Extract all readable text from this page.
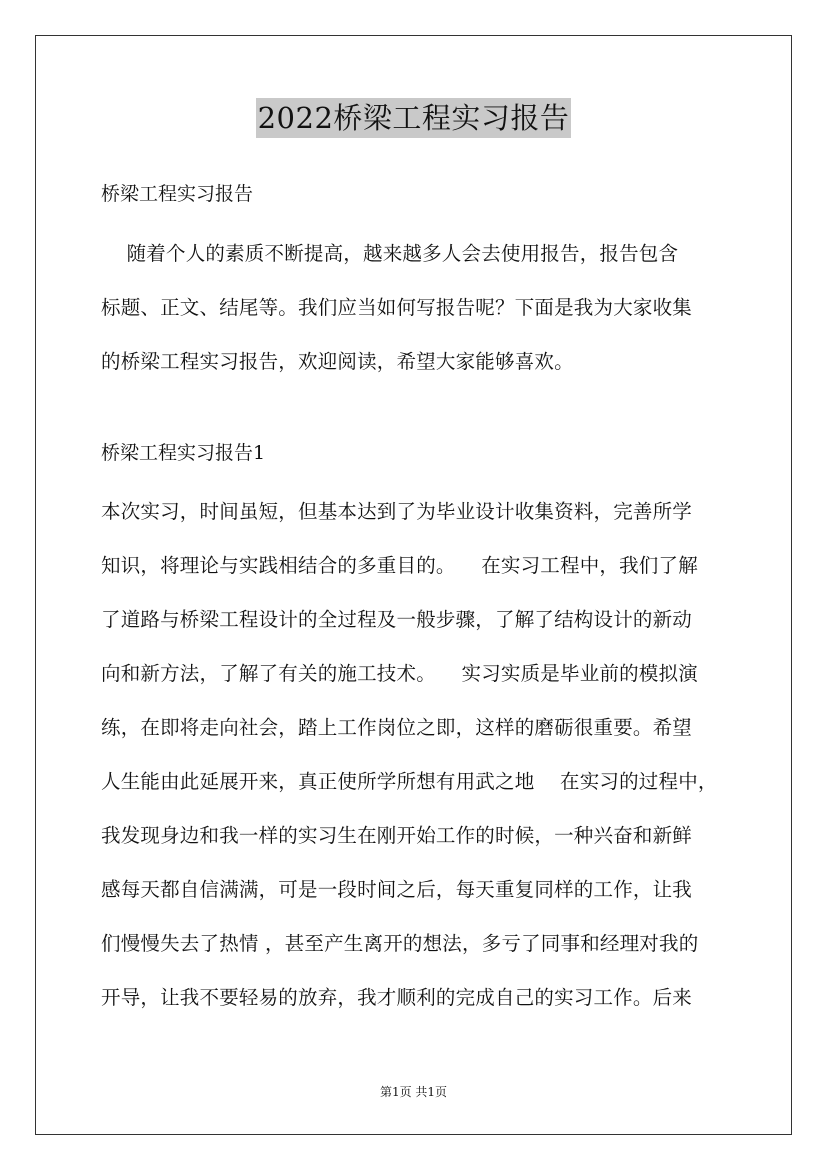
2022桥梁工程实习报告
桥梁工程实习报告
随着个人的素质不断提高，越来越多人会去使用报告，报告包含
标题、正文、结尾等。我们应当如何写报告呢？下面是我为大家收集
的桥梁工程实习报告，欢迎阅读，希望大家能够喜欢。
桥梁工程实习报告1
本次实习，时间虽短，但基本达到了为毕业设计收集资料，完善所学
知识，将理论与实践相结合的多重目的。    在实习工程中，我们了解
了道路与桥梁工程设计的全过程及一般步骤，了解了结构设计的新动
向和新方法，了解了有关的施工技术。    实习实质是毕业前的模拟演
练，在即将走向社会，踏上工作岗位之即，这样的磨砺很重要。希望
人生能由此延展开来，真正使所学所想有用武之地    在实习的过程中，
我发现身边和我一样的实习生在刚开始工作的时候，一种兴奋和新鲜
感每天都自信满满，可是一段时间之后，每天重复同样的工作，让我
们慢慢失去了热情 ，甚至产生离开的想法，多亏了同事和经理对我的
开导，让我不要轻易的放弃，我才顺利的完成自己的实习工作。后来
第1页 共1页
